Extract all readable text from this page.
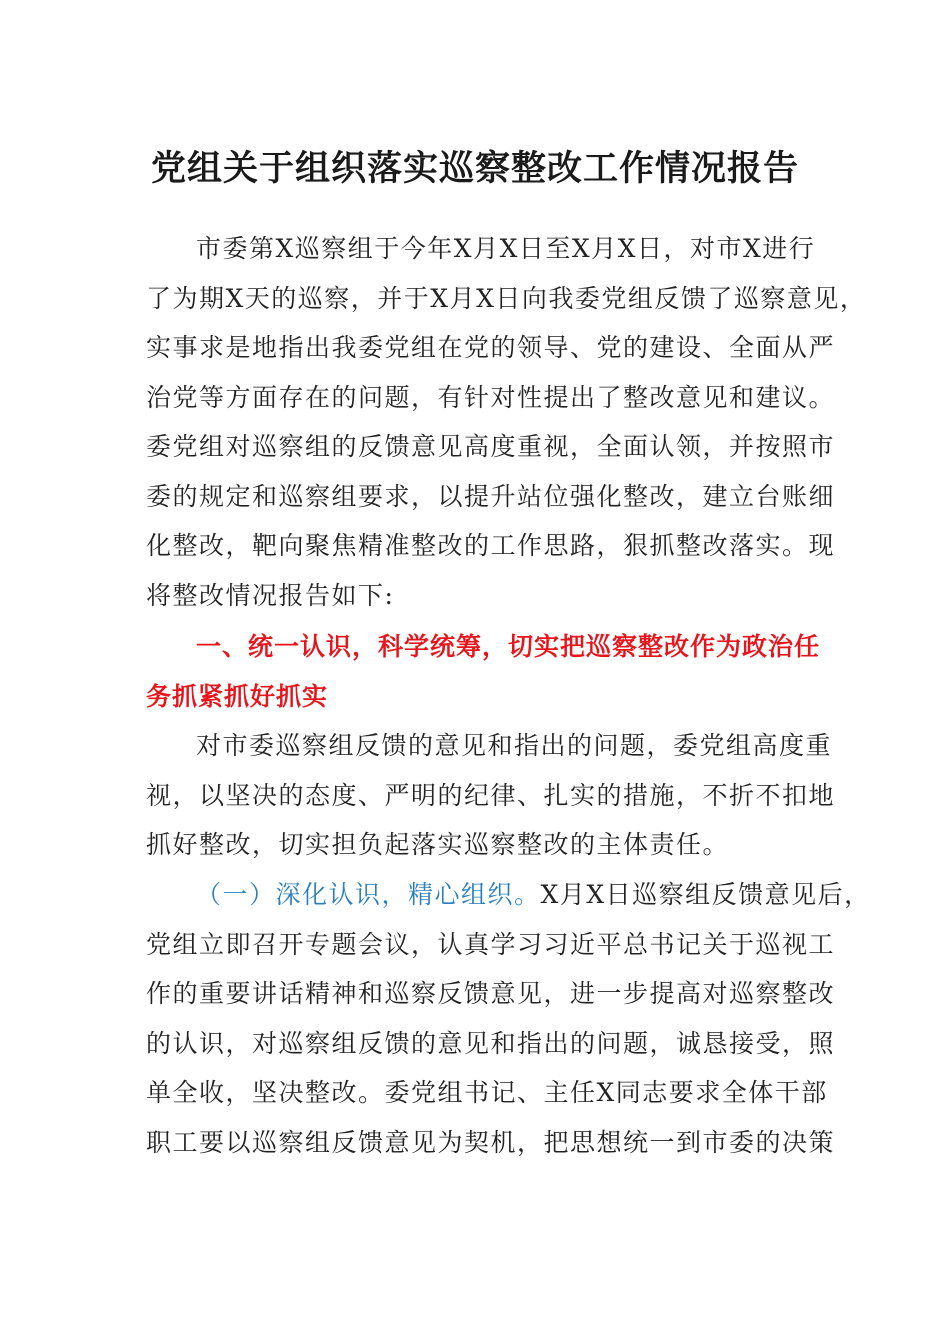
党组关于组织落实巡察整改工作情况报告
市委第X巡察组于今年X月X日至X月X日，对市X进行
了为期X天的巡察，并于X月X日向我委党组反馈了巡察意见，
实事求是地指出我委党组在党的领导、党的建设、全面从严
治党等方面存在的问题，有针对性提出了整改意见和建议。
委党组对巡察组的反馈意见高度重视，全面认领，并按照市
委的规定和巡察组要求，以提升站位强化整改，建立台账细
化整改，靶向聚焦精准整改的工作思路，狠抓整改落实。现
将整改情况报告如下:
一、统一认识，科学统筹，切实把巡察整改作为政治任
务抓紧抓好抓实
对市委巡察组反馈的意见和指出的问题，委党组高度重
视，以坚决的态度、严明的纪律、扎实的措施，不折不扣地
抓好整改，切实担负起落实巡察整改的主体责任。
（一）深化认识，精心组织。X月X日巡察组反馈意见后，
党组立即召开专题会议，认真学习习近平总书记关于巡视工
作的重要讲话精神和巡察反馈意见，进一步提高对巡察整改
的认识，对巡察组反馈的意见和指出的问题，诚恳接受，照
单全收，坚决整改。委党组书记、主任X同志要求全体干部
职工要以巡察组反馈意见为契机，把思想统一到市委的决策
